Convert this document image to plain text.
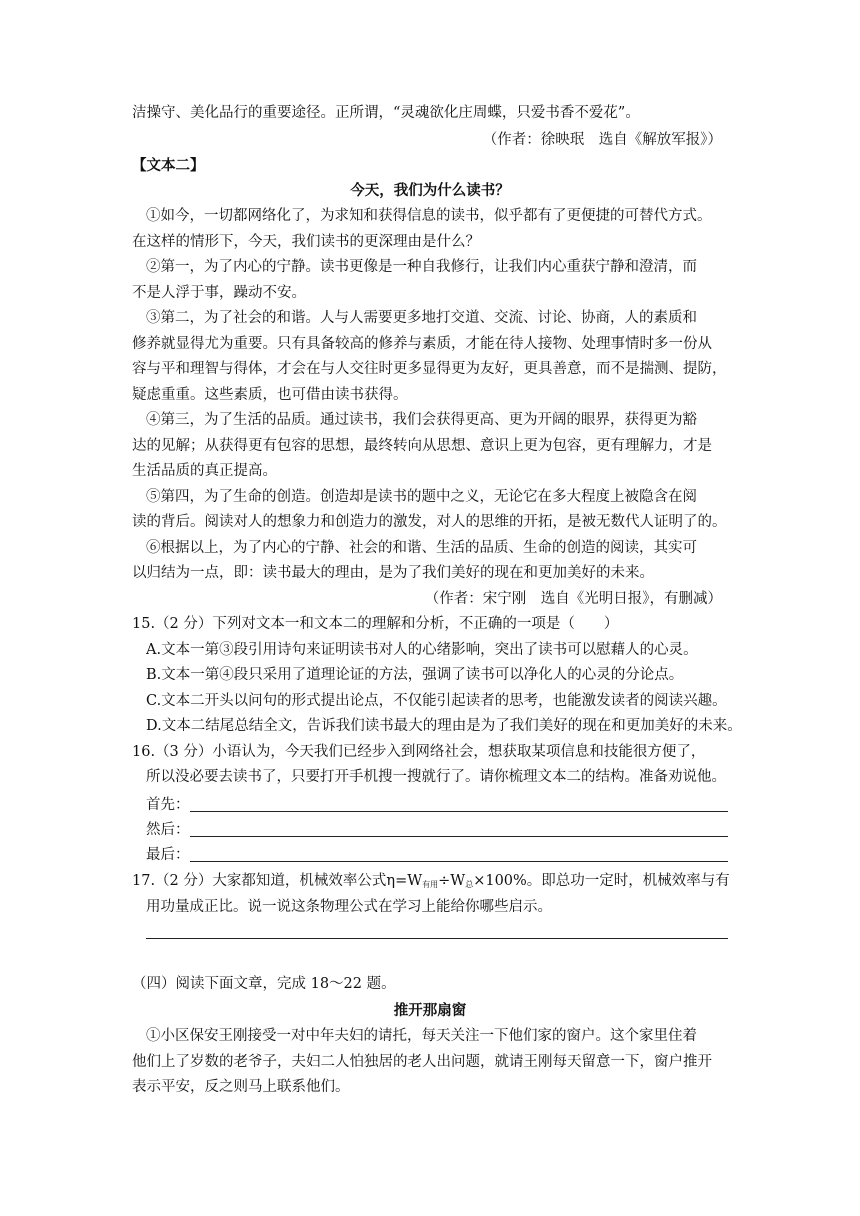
洁操守、美化品行的重要途径。正所谓，“灵魂欲化庄周蝶，只爱书香不爱花”。
（作者：徐映珉　选自《解放军报》）
【文本二】
今天，我们为什么读书？
①如今，一切都网络化了，为求知和获得信息的读书，似乎都有了更便捷的可替代方式。
在这样的情形下，今天，我们读书的更深理由是什么？
②第一，为了内心的宁静。读书更像是一种自我修行，让我们内心重获宁静和澄清，而
不是人浮于事，躁动不安。
③第二，为了社会的和谐。人与人需要更多地打交道、交流、讨论、协商，人的素质和
修养就显得尤为重要。只有具备较高的修养与素质，才能在待人接物、处理事情时多一份从
容与平和理智与得体，才会在与人交往时更多显得更为友好，更具善意，而不是揣测、提防，
疑虑重重。这些素质，也可借由读书获得。
④第三，为了生活的品质。通过读书，我们会获得更高、更为开阔的眼界，获得更为豁
达的见解；从获得更有包容的思想，最终转向从思想、意识上更为包容，更有理解力，才是
生活品质的真正提高。
⑤第四，为了生命的创造。创造却是读书的题中之义，无论它在多大程度上被隐含在阅
读的背后。阅读对人的想象力和创造力的激发，对人的思维的开拓，是被无数代人证明了的。
⑥根据以上，为了内心的宁静、社会的和谐、生活的品质、生命的创造的阅读，其实可
以归结为一点，即：读书最大的理由，是为了我们美好的现在和更加美好的未来。
（作者：宋宁刚　选自《光明日报》，有删减）
15.（2 分）下列对文本一和文本二的理解和分析，不正确的一项是（　　）
A.文本一第③段引用诗句来证明读书对人的心绪影响，突出了读书可以慰藉人的心灵。
B.文本一第④段只采用了道理论证的方法，强调了读书可以净化人的心灵的分论点。
C.文本二开头以问句的形式提出论点，不仅能引起读者的思考，也能激发读者的阅读兴趣。
D.文本二结尾总结全文，告诉我们读书最大的理由是为了我们美好的现在和更加美好的未来。
16.（3 分）小语认为，今天我们已经步入到网络社会，想获取某项信息和技能很方便了，
所以没必要去读书了，只要打开手机搜一搜就行了。请你梳理文本二的结构。准备劝说他。
首先：
然后：
最后：
17.（2 分）大家都知道，机械效率公式$\eta=W_{有用}\div W_总\times 100\%$。即总功一定时，机械效率与有
用功量成正比。说一说这条物理公式在学习上能给你哪些启示。
（四）阅读下面文章，完成 18～22 题。
推开那扇窗
①小区保安王刚接受一对中年夫妇的请托，每天关注一下他们家的窗户。这个家里住着
他们上了岁数的老爷子，夫妇二人怕独居的老人出问题，就请王刚每天留意一下，窗户推开
表示平安，反之则马上联系他们。
